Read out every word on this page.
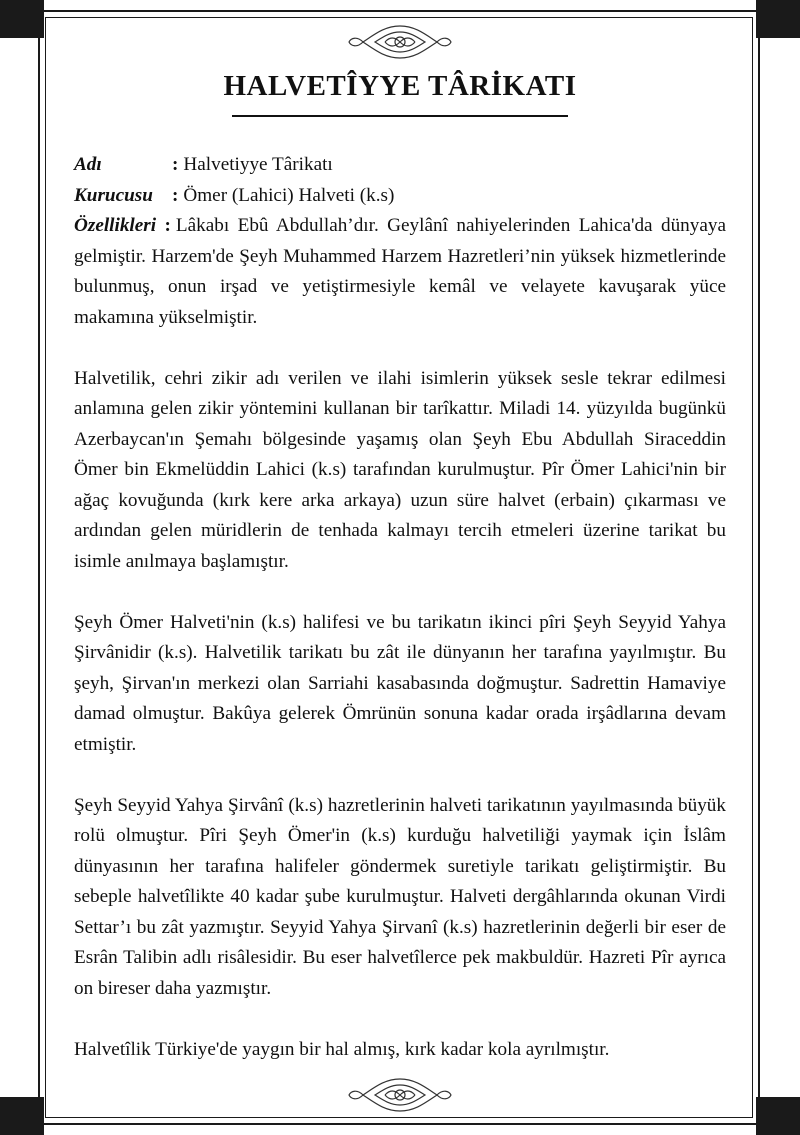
HALVETÎYYE TÂRİKATI
Adı	: Halvetiyye Târikatı
Kurucusu : Ömer (Lahici) Halveti (k.s)

Özellikleri : Lâkabı Ebû Abdullah’dır. Geylânî nahiyelerinden Lahica'da dünyaya gelmiştir. Harzem'de Şeyh Muhammed Harzem Hazretleri’nin yüksek hizmetlerinde bulunmuş, onun irşad ve yetiştirmesiyle kemâl ve velayete kavuşarak yüce makamına yükselmiştir.

Halvetilik, cehri zikir adı verilen ve ilahi isimlerin yüksek sesle tekrar edilmesi anlamına gelen zikir yöntemini kullanan bir tarîkattır. Miladi 14. yüzyılda bugünkü Azerbaycan'ın Şemahı bölgesinde yaşamış olan Şeyh Ebu Abdullah Siraceddin Ömer bin Ekmelüddin Lahici (k.s) tarafından kurulmuştur. Pîr Ömer Lahici'nin bir ağaç kovuğunda (kırk kere arka arkaya) uzun süre halvet (erbain) çıkarması ve ardından gelen müridlerin de tenhada kalmayı tercih etmeleri üzerine tarikat bu isimle anılmaya başlamıştır.

Şeyh Ömer Halveti'nin (k.s) halifesi ve bu tarikatın ikinci pîri Şeyh Seyyid Yahya Şirvânidir (k.s). Halvetilik tarikatı bu zât ile dünyanın her tarafına yayılmıştır. Bu şeyh, Şirvan'ın merkezi olan Sarriahi kasabasında doğmuştur. Sadrettin Hamaviye damad olmuştur. Bakûya gelerek Ömrünün sonuna kadar orada irşâdlarına devam etmiştir.

Şeyh Seyyid Yahya Şirvânî (k.s) hazretlerinin halveti tarikatının yayılmasında büyük rolü olmuştur. Pîri Şeyh Ömer'in (k.s) kurduğu halvetiliği yaymak için İslâm dünyasının her tarafına halifeler göndermek suretiyle tarikatı geliştirmiştir. Bu sebeple halvetîlikte 40 kadar şube kurulmuştur. Halveti dergâhlarında okunan Virdi Settar’ı bu zât yazmıştır. Seyyid Yahya Şirvanî (k.s) hazretlerinin değerli bir eser de Esrân Talibin adlı risâlesidir. Bu eser halvetîlerce pek makbuldür. Hazreti Pîr ayrıca on bireser daha yazmıştır.

Halvetîlik Türkiye'de yaygın bir hal almış, kırk kadar kola ayrılmıştır.
